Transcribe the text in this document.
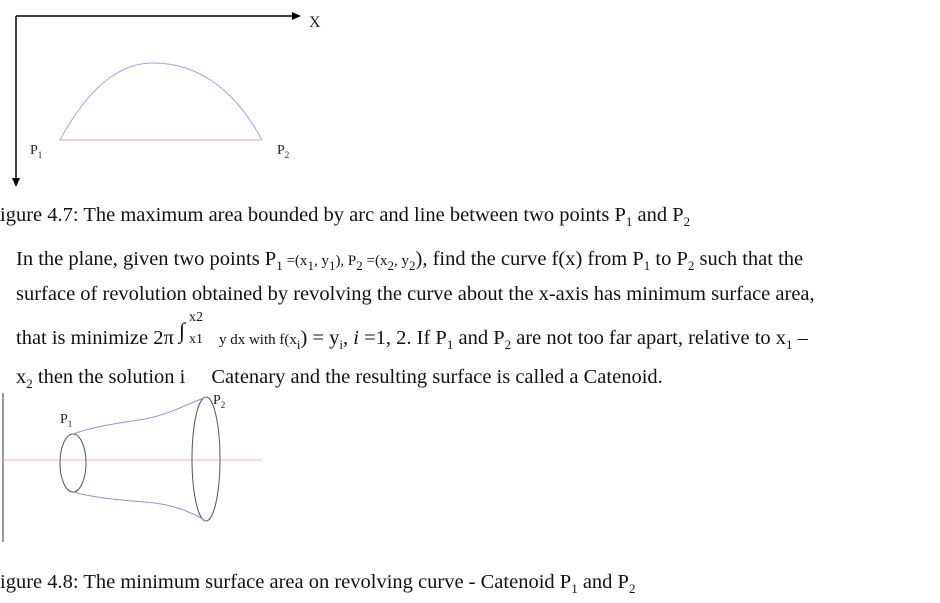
X
$P_1$	$P_2$
igure 4.7: The maximum area bounded by arc and line between two points $P_1$ and $P_2$
In the plane, given two points $P_1 =(x_1$, $y_1$), $P_2 =(x_2$, $y_2$), find the curve f(x) from $P_1$ to $P_2$ such that the
surface of revolution obtained by revolving the curve about the x-axis has minimum surface area,
that is minimize 2π ∫
x2
x1 y dx with $f(x_i) = y_i$, i =1, 2. If $P_1$ and $P_2$ are not too far apart, relative to $x_1$ –
$x_2$ then the solution i Catenary and the resulting surface is called a Catenoid.
$P_1$
$P_2$
igure 4.8: The minimum surface area on revolving curve - Catenoid $P_1$ and $P_2$
